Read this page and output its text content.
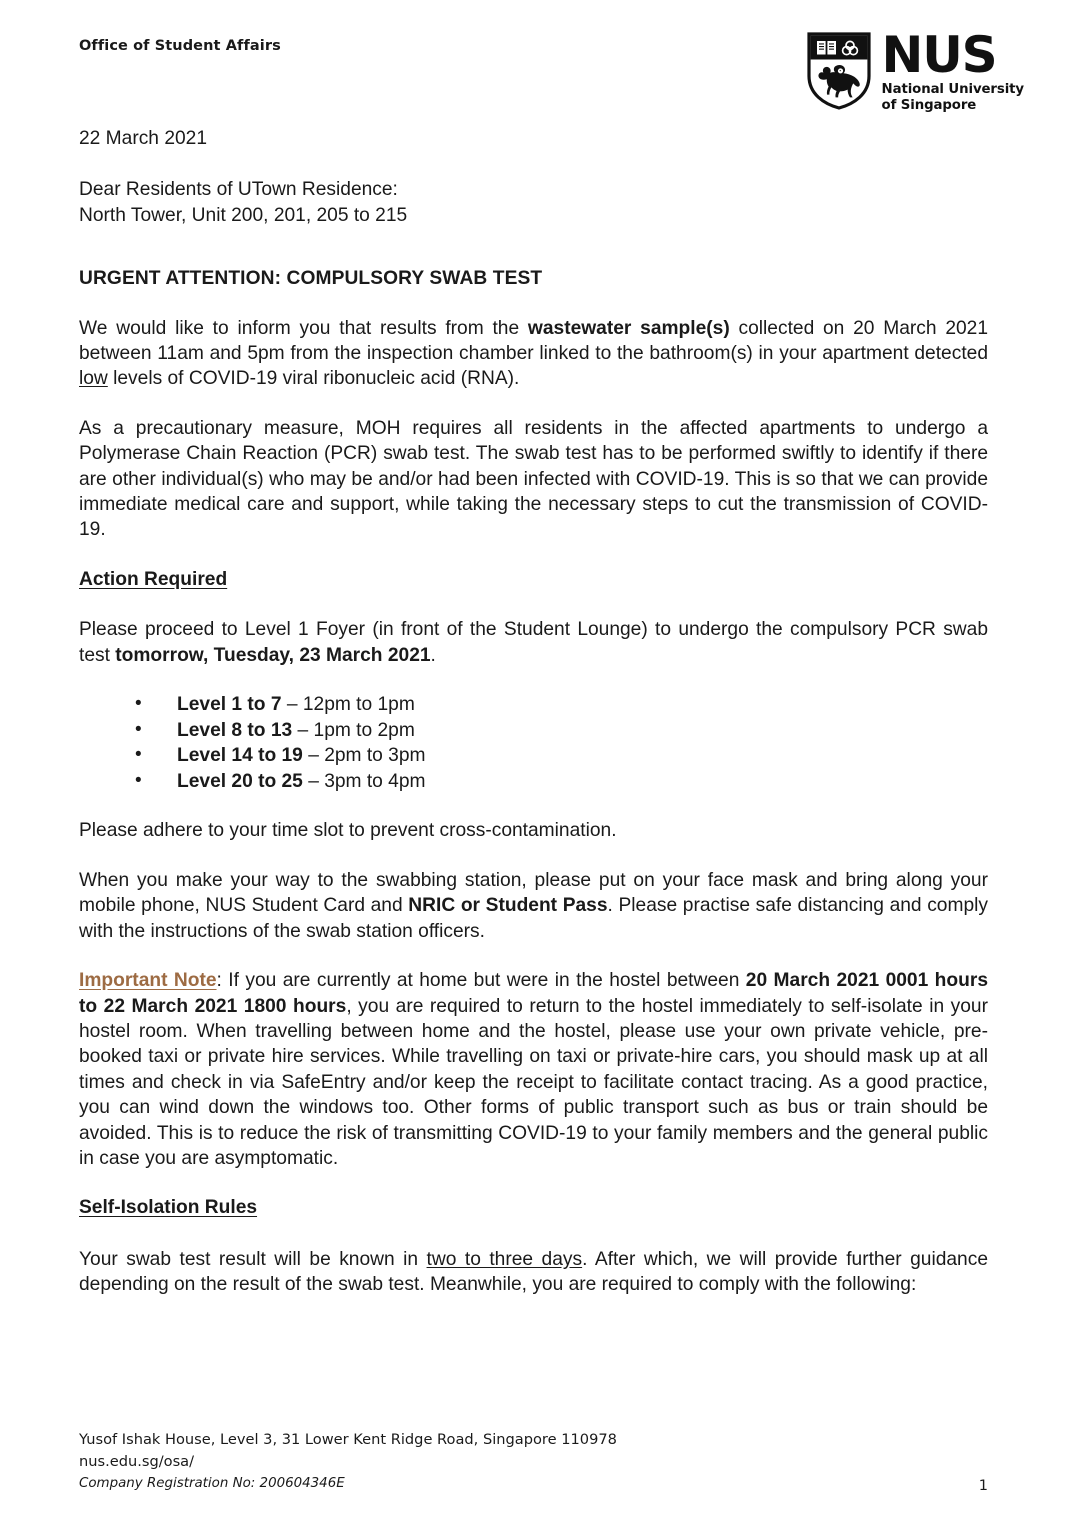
Office of Student Affairs	NUS
National University
of Singapore

22 March 2021

Dear Residents of UTown Residence:
North Tower, Unit 200, 201, 205 to 215

URGENT ATTENTION: COMPULSORY SWAB TEST

We would like to inform you that results from the wastewater sample(s) collected on 20 March 2021 between 11am and 5pm from the inspection chamber linked to the bathroom(s) in your apartment detected low levels of COVID-19 viral ribonucleic acid (RNA).

As a precautionary measure, MOH requires all residents in the affected apartments to undergo a Polymerase Chain Reaction (PCR) swab test. The swab test has to be performed swiftly to identify if there are other individual(s) who may be and/or had been infected with COVID-19. This is so that we can provide immediate medical care and support, while taking the necessary steps to cut the transmission of COVID-19.

Action Required

Please proceed to Level 1 Foyer (in front of the Student Lounge) to undergo the compulsory PCR swab test tomorrow, Tuesday, 23 March 2021.

• Level 1 to 7 – 12pm to 1pm
• Level 8 to 13 – 1pm to 2pm
• Level 14 to 19 – 2pm to 3pm
• Level 20 to 25 – 3pm to 4pm

Please adhere to your time slot to prevent cross-contamination.

When you make your way to the swabbing station, please put on your face mask and bring along your mobile phone, NUS Student Card and NRIC or Student Pass. Please practise safe distancing and comply with the instructions of the swab station officers.

Important Note: If you are currently at home but were in the hostel between 20 March 2021 0001 hours to 22 March 2021 1800 hours, you are required to return to the hostel immediately to self-isolate in your hostel room. When travelling between home and the hostel, please use your own private vehicle, pre-booked taxi or private hire services. While travelling on taxi or private-hire cars, you should mask up at all times and check in via SafeEntry and/or keep the receipt to facilitate contact tracing. As a good practice, you can wind down the windows too. Other forms of public transport such as bus or train should be avoided. This is to reduce the risk of transmitting COVID-19 to your family members and the general public in case you are asymptomatic.

Self-Isolation Rules

Your swab test result will be known in two to three days. After which, we will provide further guidance depending on the result of the swab test. Meanwhile, you are required to comply with the following:

Yusof Ishak House, Level 3, 31 Lower Kent Ridge Road, Singapore 110978
nus.edu.sg/osa/
Company Registration No: 200604346E	1
